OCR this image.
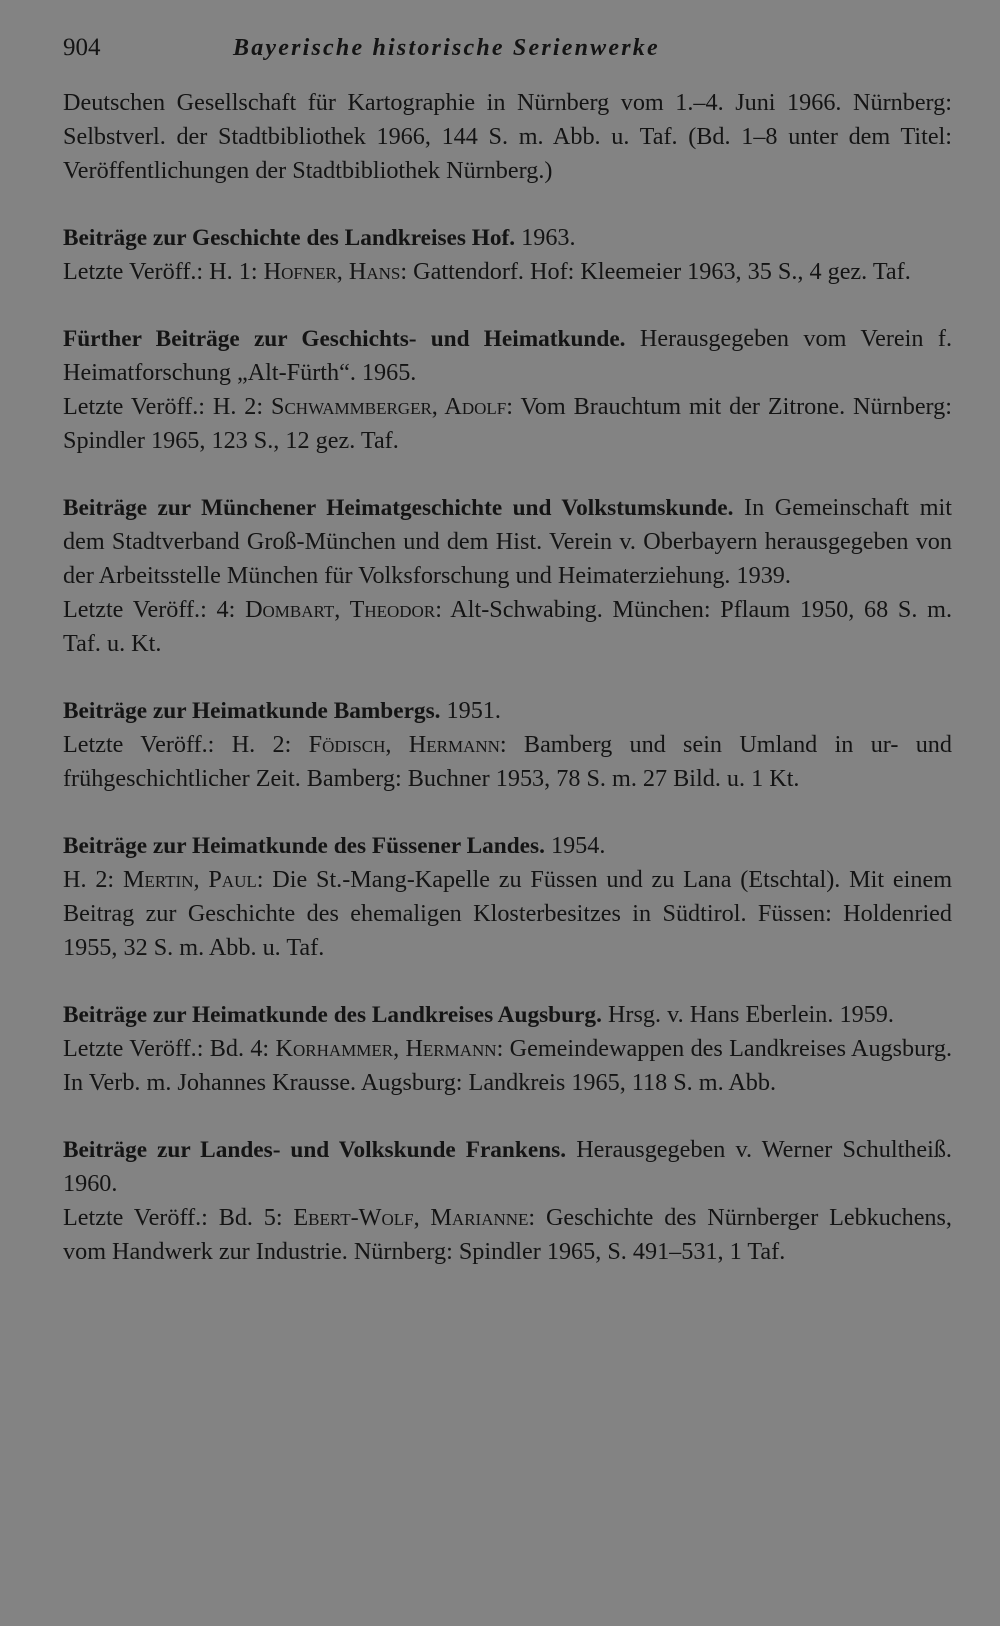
904	Bayerische historische Serienwerke
Deutschen Gesellschaft für Kartographie in Nürnberg vom 1.–4. Juni 1966. Nürnberg: Selbstverl. der Stadtbibliothek 1966, 144 S. m. Abb. u. Taf. (Bd. 1–8 unter dem Titel: Veröffentlichungen der Stadtbibliothek Nürnberg.)
Beiträge zur Geschichte des Landkreises Hof. 1963.
Letzte Veröff.: H. 1: Hofner, Hans: Gattendorf. Hof: Kleemeier 1963, 35 S., 4 gez. Taf.
Fürther Beiträge zur Geschichts- und Heimatkunde. Herausgegeben vom Verein f. Heimatforschung „Alt-Fürth“. 1965.
Letzte Veröff.: H. 2: Schwammberger, Adolf: Vom Brauchtum mit der Zitrone. Nürnberg: Spindler 1965, 123 S., 12 gez. Taf.
Beiträge zur Münchener Heimatgeschichte und Volkstumskunde. In Gemeinschaft mit dem Stadtverband Groß-München und dem Hist. Verein v. Oberbayern herausgegeben von der Arbeitsstelle München für Volksforschung und Heimaterziehung. 1939.
Letzte Veröff.: 4: Dombart, Theodor: Alt-Schwabing. München: Pflaum 1950, 68 S. m. Taf. u. Kt.
Beiträge zur Heimatkunde Bambergs. 1951.
Letzte Veröff.: H. 2: Födisch, Hermann: Bamberg und sein Umland in ur- und frühgeschichtlicher Zeit. Bamberg: Buchner 1953, 78 S. m. 27 Bild. u. 1 Kt.
Beiträge zur Heimatkunde des Füssener Landes. 1954.
H. 2: Mertin, Paul: Die St.-Mang-Kapelle zu Füssen und zu Lana (Etschtal). Mit einem Beitrag zur Geschichte des ehemaligen Klosterbesitzes in Südtirol. Füssen: Holdenried 1955, 32 S. m. Abb. u. Taf.
Beiträge zur Heimatkunde des Landkreises Augsburg. Hrsg. v. Hans Eberlein. 1959.
Letzte Veröff.: Bd. 4: Korhammer, Hermann: Gemeindewappen des Landkreises Augsburg. In Verb. m. Johannes Krausse. Augsburg: Landkreis 1965, 118 S. m. Abb.
Beiträge zur Landes- und Volkskunde Frankens. Herausgegeben v. Werner Schultheiß. 1960.
Letzte Veröff.: Bd. 5: Ebert-Wolf, Marianne: Geschichte des Nürnberger Lebkuchens, vom Handwerk zur Industrie. Nürnberg: Spindler 1965, S. 491–531, 1 Taf.
